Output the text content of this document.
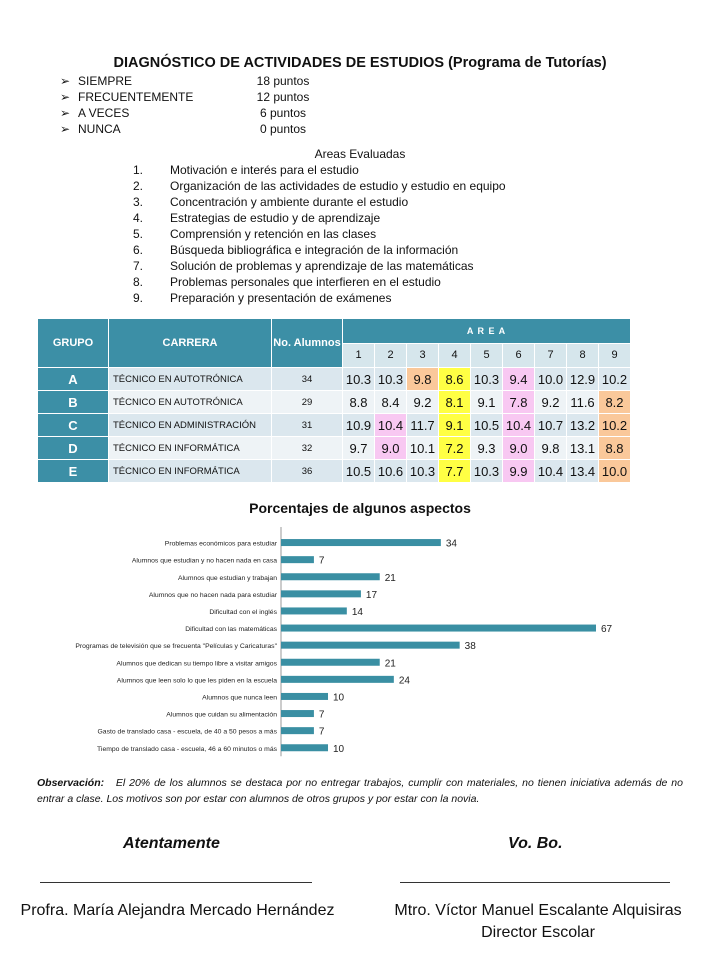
DIAGNÓSTICO DE ACTIVIDADES DE ESTUDIOS (Programa de Tutorías)
➢ SIEMPRE	18 puntos
➢ FRECUENTEMENTE	12 puntos
➢ A VECES	6 puntos
➢ NUNCA	0 puntos
Areas Evaluadas
1. Motivación e interés para el estudio
2. Organización de las actividades de estudio y estudio en equipo
3. Concentración y ambiente durante el estudio
4. Estrategias de estudio y de aprendizaje
5. Comprensión y retención en las clases
6. Búsqueda bibliográfica e integración de la información
7. Solución de problemas y aprendizaje de las matemáticas
8. Problemas personales que interfieren en el estudio
9. Preparación y presentación de exámenes
GRUPO	CARRERA	No. Alumnos	A R E A								
			1	2	3	4	5	6	7	8	9
A	TÉCNICO EN AUTOTRÓNICA	34	10.3	10.3	9.8	8.6	10.3	9.4	10.0	12.9	10.2
B	TÉCNICO EN AUTOTRÓNICA	29	8.8	8.4	9.2	8.1	9.1	7.8	9.2	11.6	8.2
C	TÉCNICO EN ADMINISTRACIÓN	31	10.9	10.4	11.7	9.1	10.5	10.4	10.7	13.2	10.2
D	TÉCNICO EN INFORMÁTICA	32	9.7	9.0	10.1	7.2	9.3	9.0	9.8	13.1	8.8
E	TÉCNICO EN INFORMÁTICA	36	10.5	10.6	10.3	7.7	10.3	9.9	10.4	13.4	10.0
Porcentajes de algunos aspectos
Problemas económicos para estudiar	34
Alumnos que estudian y no hacen nada en casa	7
Alumnos que estudian y trabajan	21
Alumnos que no hacen nada para estudiar	17
Dificultad con el inglés	14
Dificultad con las matemáticas	67
Programas de televisión que se frecuenta "Películas y Caricaturas"	38
Alumnos que dedican su tiempo libre a visitar amigos	21
Alumnos que leen solo lo que les piden en la escuela	24
Alumnos que nunca leen	10
Alumnos que cuidan su alimentación	7
Gasto de translado casa - escuela, de 40 a 50 pesos a más	7
Tiempo de translado casa - escuela, 46 a 60 minutos o más	10
Observación: El 20% de los alumnos se destaca por no entregar trabajos, cumplir con materiales, no tienen iniciativa además de no entrar a clase. Los motivos son por estar con alumnos de otros grupos y por estar con la novia.
Atentamente	Vo. Bo.
Profra. María Alejandra Mercado Hernández	Mtro. Víctor Manuel Escalante Alquisiras
Director Escolar
